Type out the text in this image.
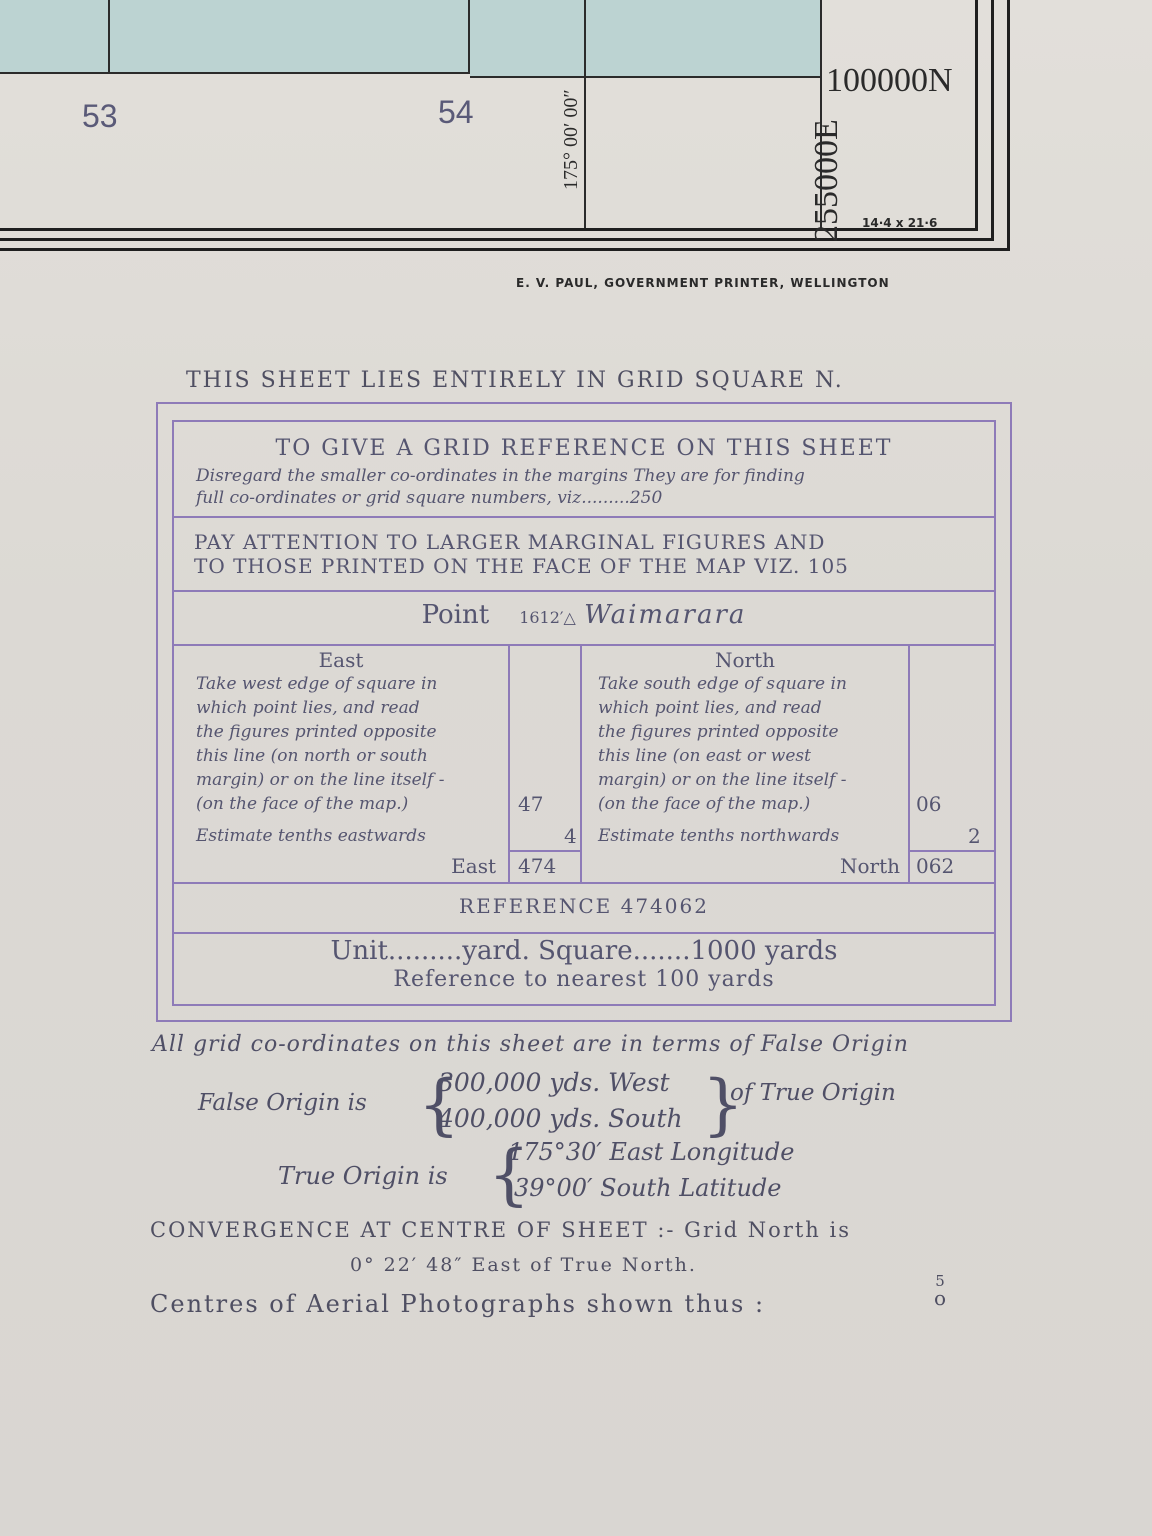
53	54	175° 00′ 00″
100000N
255000E 14·4 x 21·6
E. V. PAUL, GOVERNMENT PRINTER, WELLINGTON
THIS SHEET LIES ENTIRELY IN GRID SQUARE N.
TO GIVE A GRID REFERENCE ON THIS SHEET
Disregard the smaller co-ordinates in the margins They are for finding
full co-ordinates or grid square numbers, viz.........250
PAY ATTENTION TO LARGER MARGINAL FIGURES AND
TO THOSE PRINTED ON THE FACE OF THE MAP VIZ. 105
Point 1612′△ Waimarara
East
Take west edge of square in
which point lies, and read
the figures printed opposite
this line (on north or south
margin) or on the line itself -
(on the face of the map.)
Estimate tenths eastwards
East
47
4
474
North
Take south edge of square in
which point lies, and read
the figures printed opposite
this line (on east or west
margin) or on the line itself -
(on the face of the map.)
Estimate tenths northwards
North
06
2
062
REFERENCE 474062
Unit.........yard. Square.......1000 yards
Reference to nearest 100 yards
All grid co-ordinates on this sheet are in terms of False Origin
False Origin is {
300,000 yds. West
400,000 yds. South }
of True Origin
True Origin is {
175°30′ East Longitude
39°00′ South Latitude
CONVERGENCE AT CENTRE OF SHEET :- Grid North is
0° 22′ 48″ East of True North.
Centres of Aerial Photographs shown thus :
5
o
